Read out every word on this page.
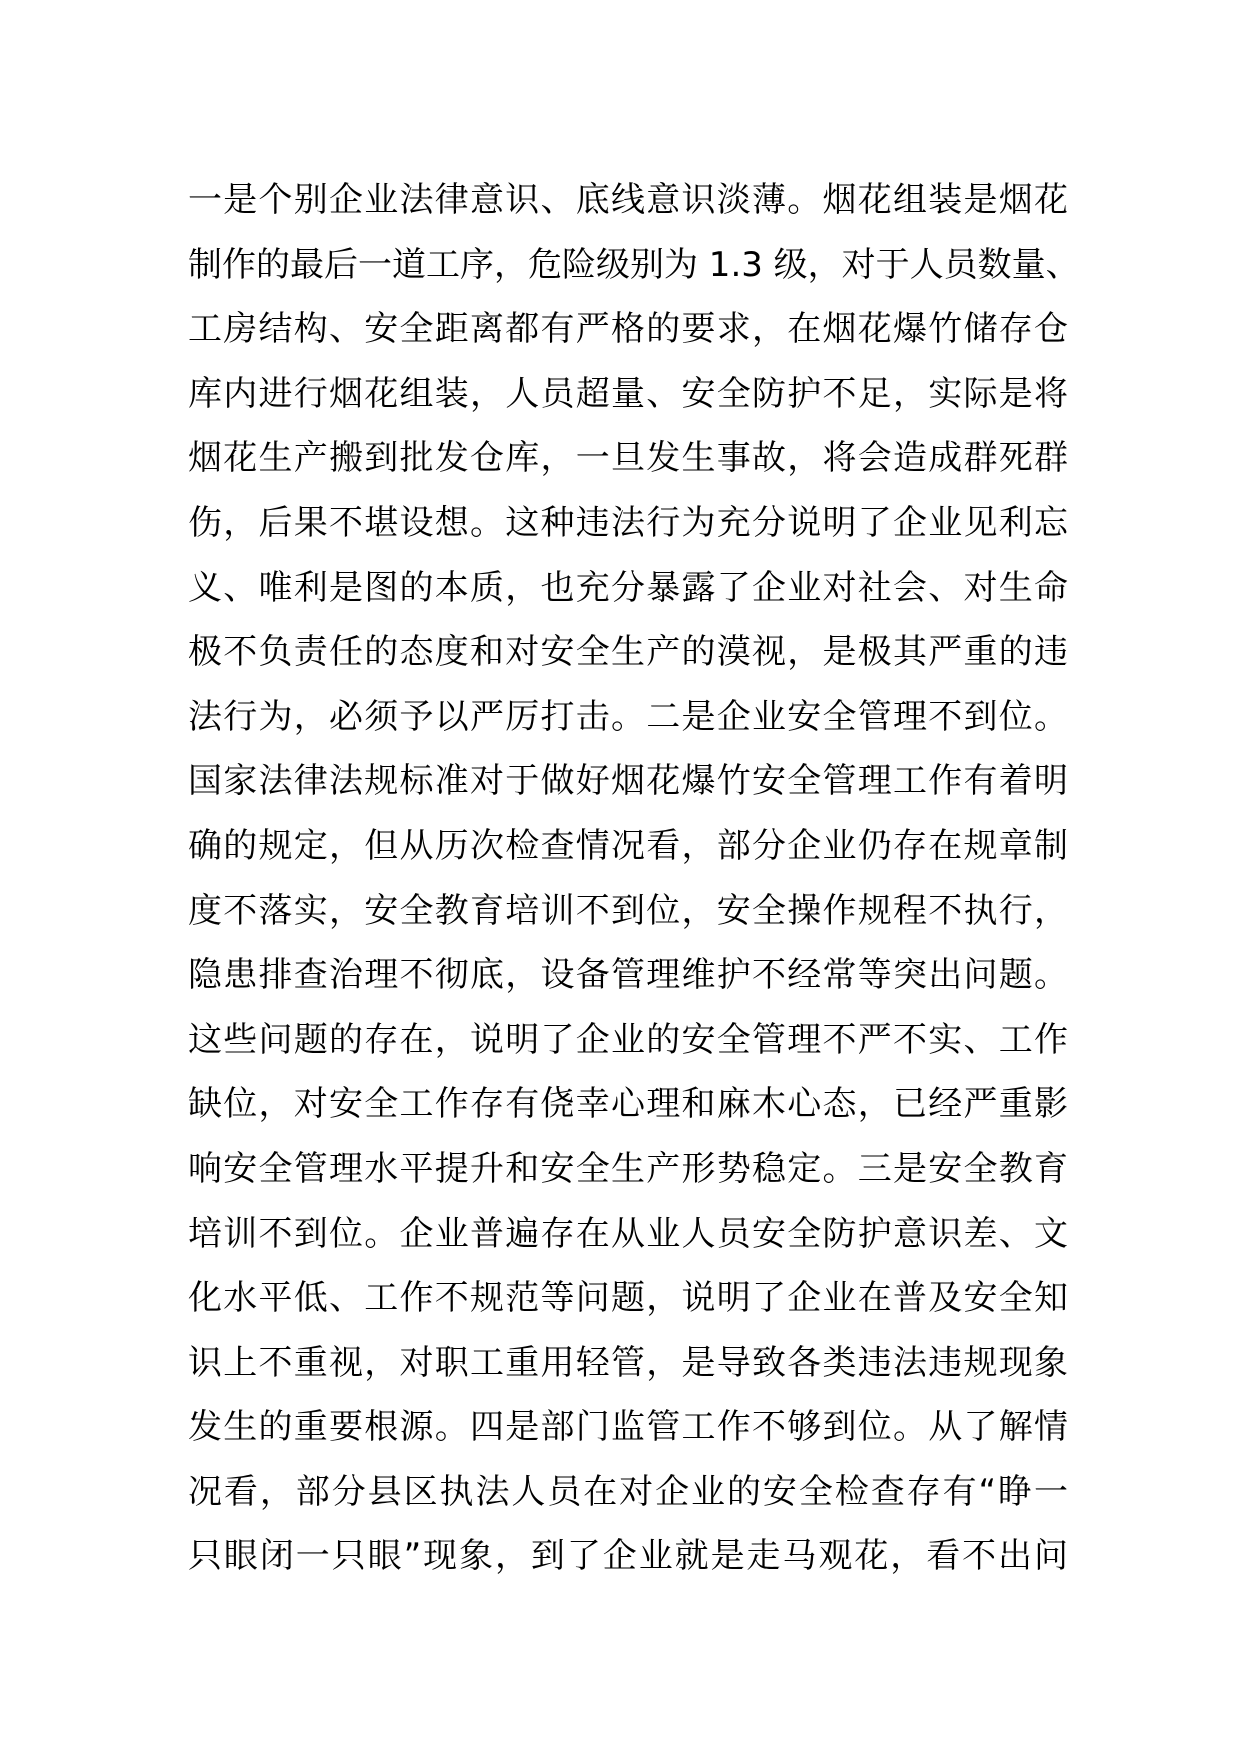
一是个别企业法律意识、底线意识淡薄。烟花组装是烟花
制作的最后一道工序，危险级别为 1.3 级，对于人员数量、
工房结构、安全距离都有严格的要求，在烟花爆竹储存仓
库内进行烟花组装，人员超量、安全防护不足，实际是将
烟花生产搬到批发仓库，一旦发生事故，将会造成群死群
伤，后果不堪设想。这种违法行为充分说明了企业见利忘
义、唯利是图的本质，也充分暴露了企业对社会、对生命
极不负责任的态度和对安全生产的漠视，是极其严重的违
法行为，必须予以严厉打击。二是企业安全管理不到位。
国家法律法规标准对于做好烟花爆竹安全管理工作有着明
确的规定，但从历次检查情况看，部分企业仍存在规章制
度不落实，安全教育培训不到位，安全操作规程不执行，
隐患排查治理不彻底，设备管理维护不经常等突出问题。
这些问题的存在，说明了企业的安全管理不严不实、工作
缺位，对安全工作存有侥幸心理和麻木心态，已经严重影
响安全管理水平提升和安全生产形势稳定。三是安全教育
培训不到位。企业普遍存在从业人员安全防护意识差、文
化水平低、工作不规范等问题，说明了企业在普及安全知
识上不重视，对职工重用轻管，是导致各类违法违规现象
发生的重要根源。四是部门监管工作不够到位。从了解情
况看，部分县区执法人员在对企业的安全检查存有“睁一
只眼闭一只眼”现象，到了企业就是走马观花，看不出问
